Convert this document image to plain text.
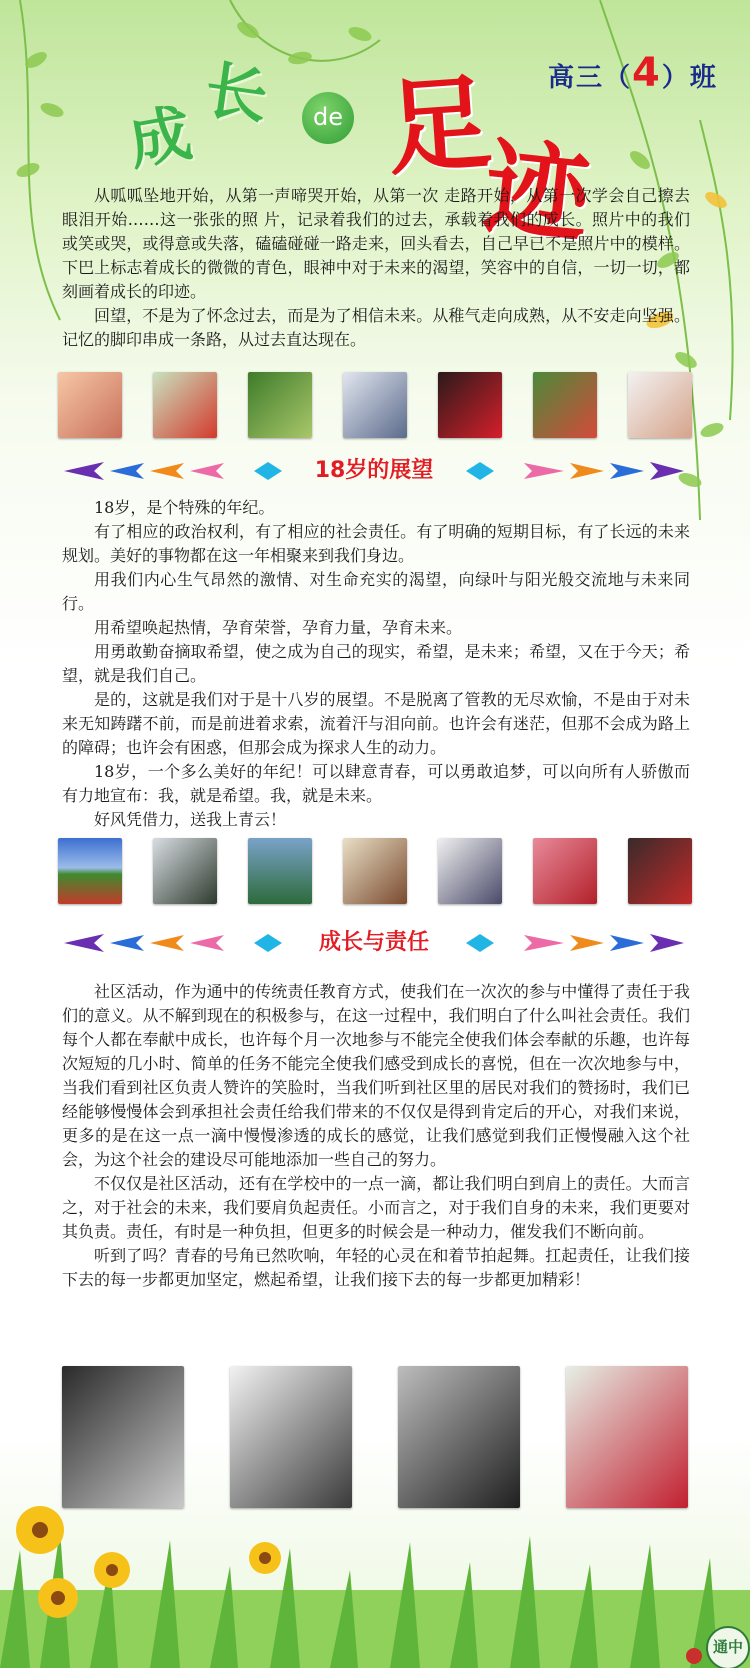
高三（4）班
成
长	de 足
迹

从呱呱坠地开始，从第一声啼哭开始，从第一次 走路开始，从第一次学会自己擦去眼泪开始……这一张张的照 片，记录着我们的过去，承载着我们的成长。照片中的我们或笑或哭，或得意或失落，磕磕碰碰一路走来，回头看去，自己早已不是照片中的模样。下巴上标志着成长的微微的青色，眼神中对于未来的渴望，笑容中的自信，一切一切，都刻画着成长的印迹。

回望，不是为了怀念过去，而是为了相信未来。从稚气走向成熟，从不安走向坚强。记忆的脚印串成一条路，从过去直达现在。

18岁的展望

18岁，是个特殊的年纪。

有了相应的政治权利，有了相应的社会责任。有了明确的短期目标，有了长远的未来规划。美好的事物都在这一年相聚来到我们身边。

用我们内心生气昂然的激情、对生命充实的渴望，向绿叶与阳光般交流地与未来同行。

用希望唤起热情，孕育荣誉，孕育力量，孕育未来。

用勇敢勤奋摘取希望，使之成为自己的现实，希望，是未来；希望，又在于今天；希望，就是我们自己。

是的，这就是我们对于是十八岁的展望。不是脱离了管教的无尽欢愉，不是由于对未来无知踌躇不前，而是前进着求索，流着汗与泪向前。也许会有迷茫，但那不会成为路上的障碍；也许会有困惑，但那会成为探求人生的动力。

18岁，一个多么美好的年纪！可以肆意青春，可以勇敢追梦，可以向所有人骄傲而有力地宣布：我，就是希望。我，就是未来。

好风凭借力，送我上青云！

成长与责任

社区活动，作为通中的传统责任教育方式，使我们在一次次的参与中懂得了责任于我们的意义。从不解到现在的积极参与，在这一过程中，我们明白了什么叫社会责任。我们每个人都在奉献中成长，也许每个月一次地参与不能完全使我们体会奉献的乐趣，也许每次短短的几小时、简单的任务不能完全使我们感受到成长的喜悦，但在一次次地参与中，当我们看到社区负责人赞许的笑脸时，当我们听到社区里的居民对我们的赞扬时，我们已经能够慢慢体会到承担社会责任给我们带来的不仅仅是得到肯定后的开心，对我们来说，更多的是在这一点一滴中慢慢渗透的成长的感觉，让我们感觉到我们正慢慢融入这个社会，为这个社会的建设尽可能地添加一些自己的努力。

不仅仅是社区活动，还有在学校中的一点一滴，都让我们明白到肩上的责任。大而言之，对于社会的未来，我们要肩负起责任。小而言之，对于我们自身的未来，我们更要对其负责。责任，有时是一种负担，但更多的时候会是一种动力，催发我们不断向前。

听到了吗？青春的号角已然吹响，年轻的心灵在和着节拍起舞。扛起责任，让我们接下去的每一步都更加坚定，燃起希望，让我们接下去的每一步都更加精彩！

通中
